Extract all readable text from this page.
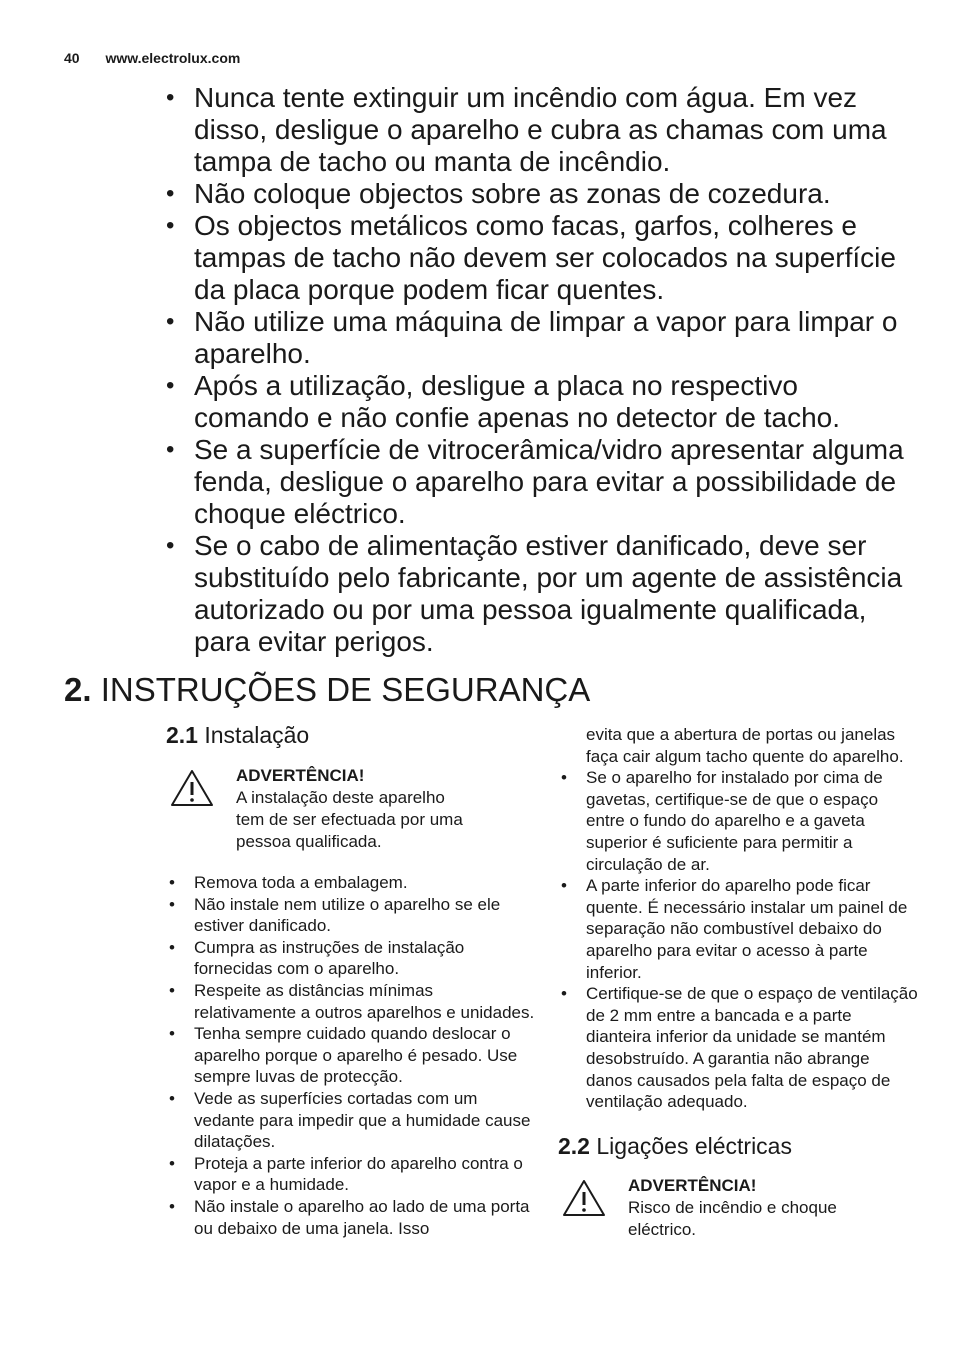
40 www.electrolux.com
• Nunca tente extinguir um incêndio com água. Em vez disso, desligue o aparelho e cubra as chamas com uma tampa de tacho ou manta de incêndio.
• Não coloque objectos sobre as zonas de cozedura.
• Os objectos metálicos como facas, garfos, colheres e tampas de tacho não devem ser colocados na superfície da placa porque podem ficar quentes.
• Não utilize uma máquina de limpar a vapor para limpar o aparelho.
• Após a utilização, desligue a placa no respectivo comando e não confie apenas no detector de tacho.
• Se a superfície de vitrocerâmica/vidro apresentar alguma fenda, desligue o aparelho para evitar a possibilidade de choque eléctrico.
• Se o cabo de alimentação estiver danificado, deve ser substituído pelo fabricante, por um agente de assistência autorizado ou por uma pessoa igualmente qualificada, para evitar perigos.
2. INSTRUÇÕES DE SEGURANÇA
2.1 Instalação
ADVERTÊNCIA!
A instalação deste aparelho tem de ser efectuada por uma pessoa qualificada.
• Remova toda a embalagem.
• Não instale nem utilize o aparelho se ele estiver danificado.
• Cumpra as instruções de instalação fornecidas com o aparelho.
• Respeite as distâncias mínimas relativamente a outros aparelhos e unidades.
• Tenha sempre cuidado quando deslocar o aparelho porque o aparelho é pesado. Use sempre luvas de protecção.
• Vede as superfícies cortadas com um vedante para impedir que a humidade cause dilatações.
• Proteja a parte inferior do aparelho contra o vapor e a humidade.
• Não instale o aparelho ao lado de uma porta ou debaixo de uma janela. Isso
evita que a abertura de portas ou janelas faça cair algum tacho quente do aparelho.
• Se o aparelho for instalado por cima de gavetas, certifique-se de que o espaço entre o fundo do aparelho e a gaveta superior é suficiente para permitir a circulação de ar.
• A parte inferior do aparelho pode ficar quente. É necessário instalar um painel de separação não combustível debaixo do aparelho para evitar o acesso à parte inferior.
• Certifique-se de que o espaço de ventilação de 2 mm entre a bancada e a parte dianteira inferior da unidade se mantém desobstruído. A garantia não abrange danos causados pela falta de espaço de ventilação adequado.
2.2 Ligações eléctricas
ADVERTÊNCIA!
Risco de incêndio e choque eléctrico.
